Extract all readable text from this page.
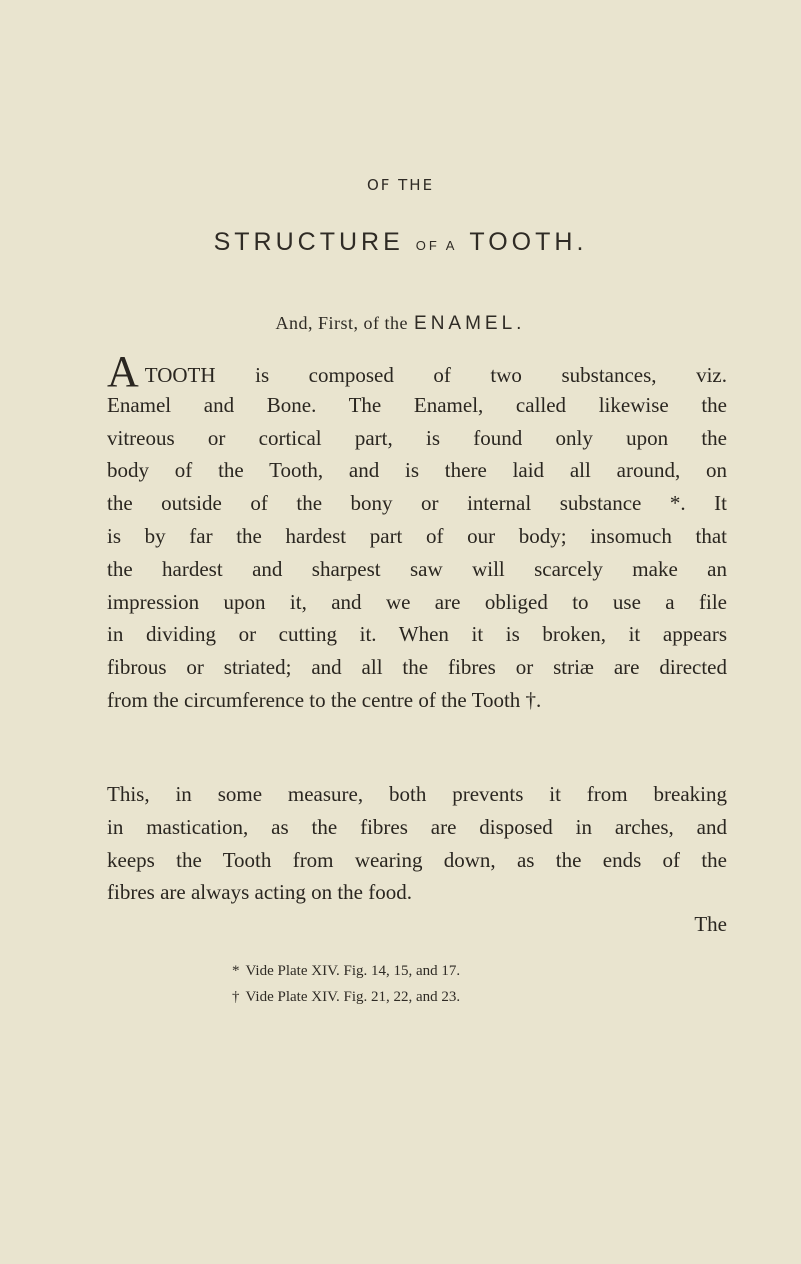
OF THE
STRUCTURE OF A TOOTH.
And, First, of the ENAMEL.
ATOOTH is composed of two substances, viz.
Enamel and Bone. The Enamel, called likewise the
vitreous or cortical part, is found only upon the
body of the Tooth, and is there laid all around, on
the outside of the bony or internal substance *. It
is by far the hardest part of our body; insomuch that
the hardest and sharpest saw will scarcely make an
impression upon it, and we are obliged to use a file
in dividing or cutting it. When it is broken, it appears
fibrous or striated; and all the fibres or striæ are directed
from the circumference to the centre of the Tooth †.
This, in some measure, both prevents it from breaking
in mastication, as the fibres are disposed in arches, and
keeps the Tooth from wearing down, as the ends of the
fibres are always acting on the food.
The
* Vide Plate XIV. Fig. 14, 15, and 17.
† Vide Plate XIV. Fig. 21, 22, and 23.
